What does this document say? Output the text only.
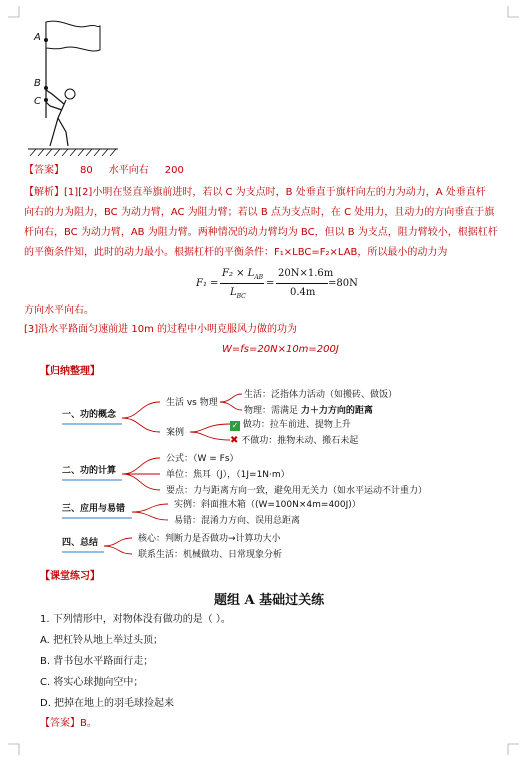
A
B
C
【答案】 80 水平向右 200
【解析】[1][2]小明在竖直举旗前进时，若以 C 为支点时，B 处垂直于旗杆向左的力为动力，A 处垂直杆
向右的力为阻力，BC 为动力臂，AC 为阻力臂；若以 B 点为支点时，在 C 处用力，且动力的方向垂直于旗
杆向右，BC 为动力臂，AB 为阻力臂。两种情况的动力臂均为 BC，但以 B 为支点，阻力臂较小，根据杠杆
的平衡条件知，此时的动力最小。根据杠杆的平衡条件：F₁×LBC=F₂×LAB，所以最小的动力为
F₁ =
$F_2 \times L_{AB}$
$L_{BC}$
=
20N×1.6m
0.4m
=80N
方向水平向右。
[3]沿水平路面匀速前进 10m 的过程中小明克服风力做的功为
W=fs=20N×10m=200J
【归纳整理】
一、功的概念
生活 vs 物理
生活：泛指体力活动（如搬砖、做饭）
物理：需满足 力＋力方向的距离
案例
✓ 做功：拉车前进、提物上升
✖ 不做功：推物未动、搬石未起
二、功的计算
公式：（W = Fs）
单位：焦耳（J），（1J=1N·m）
要点：力与距离方向一致，避免用无关力（如水平运动不计重力）
三、应用与易错	实例：斜面推木箱（(W=100N×4m=400J)）
易错：混淆力方向、误用总距离
四、总结	核心：判断力是否做功→计算功大小
联系生活：机械做功、日常现象分析
【课堂练习】
题组 A 基础过关练
1. 下列情形中，对物体没有做功的是（ ）。
A. 把杠铃从地上举过头顶；
B. 背书包水平路面行走；
C. 将实心球抛向空中；
D. 把掉在地上的羽毛球捡起来
【答案】B。
